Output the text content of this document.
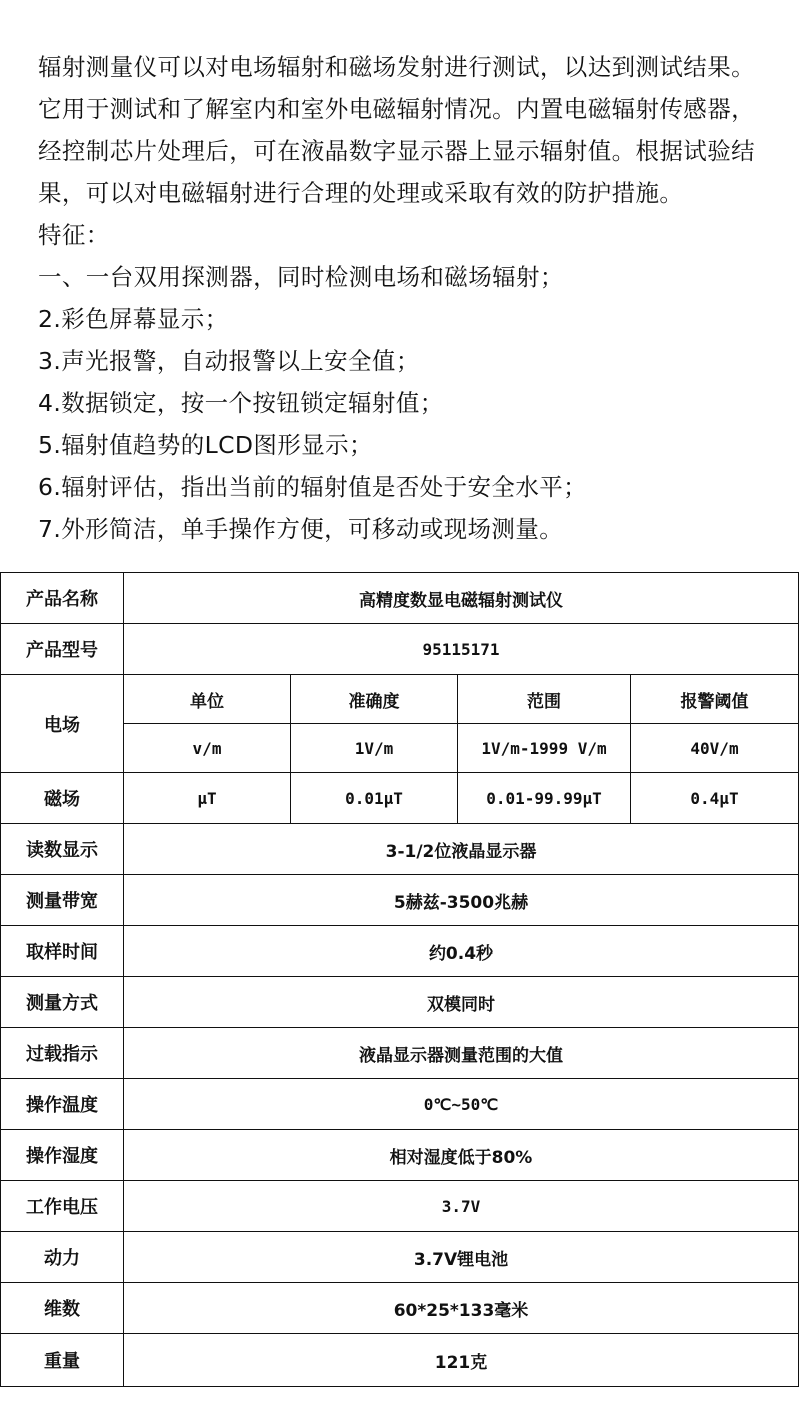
辐射测量仪可以对电场辐射和磁场发射进行测试，以达到测试结果。

它用于测试和了解室内和室外电磁辐射情况。内置电磁辐射传感器，

经控制芯片处理后，可在液晶数字显示器上显示辐射值。根据试验结

果，可以对电磁辐射进行合理的处理或采取有效的防护措施。

特征：

一、一台双用探测器，同时检测电场和磁场辐射；

2.彩色屏幕显示；

3.声光报警，自动报警以上安全值；

4.数据锁定，按一个按钮锁定辐射值；

5.辐射值趋势的LCD图形显示；

6.辐射评估，指出当前的辐射值是否处于安全水平；

7.外形简洁，单手操作方便，可移动或现场测量。

产品名称	高精度数显电磁辐射测试仪			
产品型号	95115171			
电场	单位	准确度	范围	报警阈值
	v/m	1V/m	1V/m-1999 V/m	40V/m
磁场	μT	0.01μT	0.01-99.99μT	0.4μT
读数显示	3-1/2位液晶显示器			
测量带宽	5赫兹-3500兆赫			
取样时间	约0.4秒			
测量方式	双模同时			
过载指示	液晶显示器测量范围的大值			
操作温度	0℃~50℃			
操作湿度	相对湿度低于80%			
工作电压	3.7V			
动力	3.7V锂电池			
维数	60*25*133毫米			
重量	121克			
